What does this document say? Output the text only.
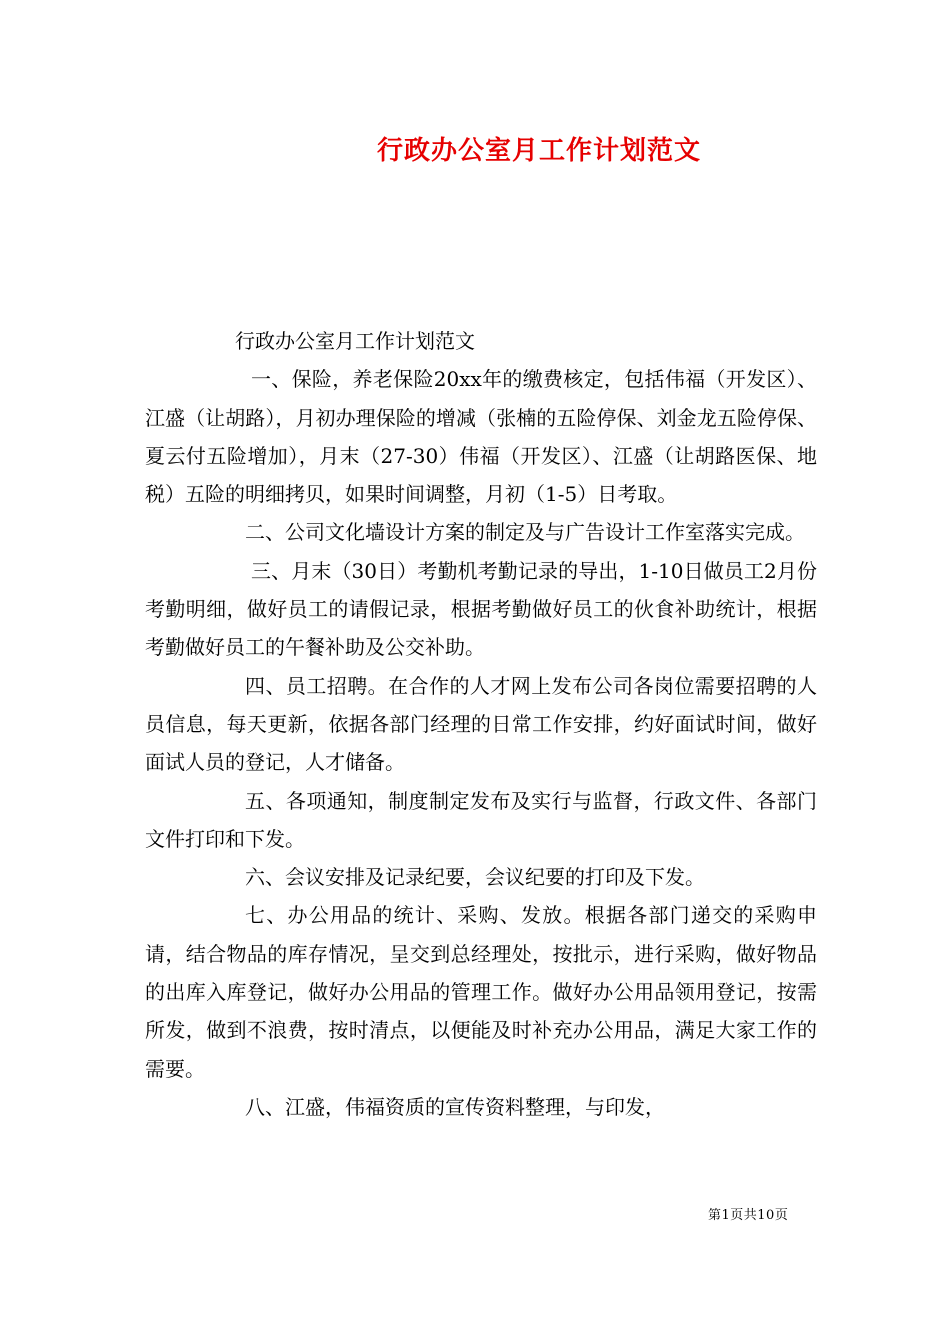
行政办公室月工作计划范文

行政办公室月工作计划范文

一、保险，养老保险20xx年的缴费核定，包括伟福（开发区）、江盛（让胡路），月初办理保险的增减（张楠的五险停保、刘金龙五险停保、夏云付五险增加），月末（27-30）伟福（开发区）、江盛（让胡路医保、地税）五险的明细拷贝，如果时间调整，月初（1-5）日考取。

二、公司文化墙设计方案的制定及与广告设计工作室落实完成。

三、月末（30日）考勤机考勤记录的导出，1-10日做员工2月份考勤明细，做好员工的请假记录，根据考勤做好员工的伙食补助统计，根据考勤做好员工的午餐补助及公交补助。

四、员工招聘。在合作的人才网上发布公司各岗位需要招聘的人员信息，每天更新，依据各部门经理的日常工作安排，约好面试时间，做好面试人员的登记，人才储备。

五、各项通知，制度制定发布及实行与监督，行政文件、各部门文件打印和下发。

六、会议安排及记录纪要，会议纪要的打印及下发。

七、办公用品的统计、采购、发放。根据各部门递交的采购申请，结合物品的库存情况，呈交到总经理处，按批示，进行采购，做好物品的出库入库登记，做好办公用品的管理工作。做好办公用品领用登记，按需所发，做到不浪费，按时清点，以便能及时补充办公用品，满足大家工作的需要。

八、江盛，伟福资质的宣传资料整理，与印发，

第1页共10页
